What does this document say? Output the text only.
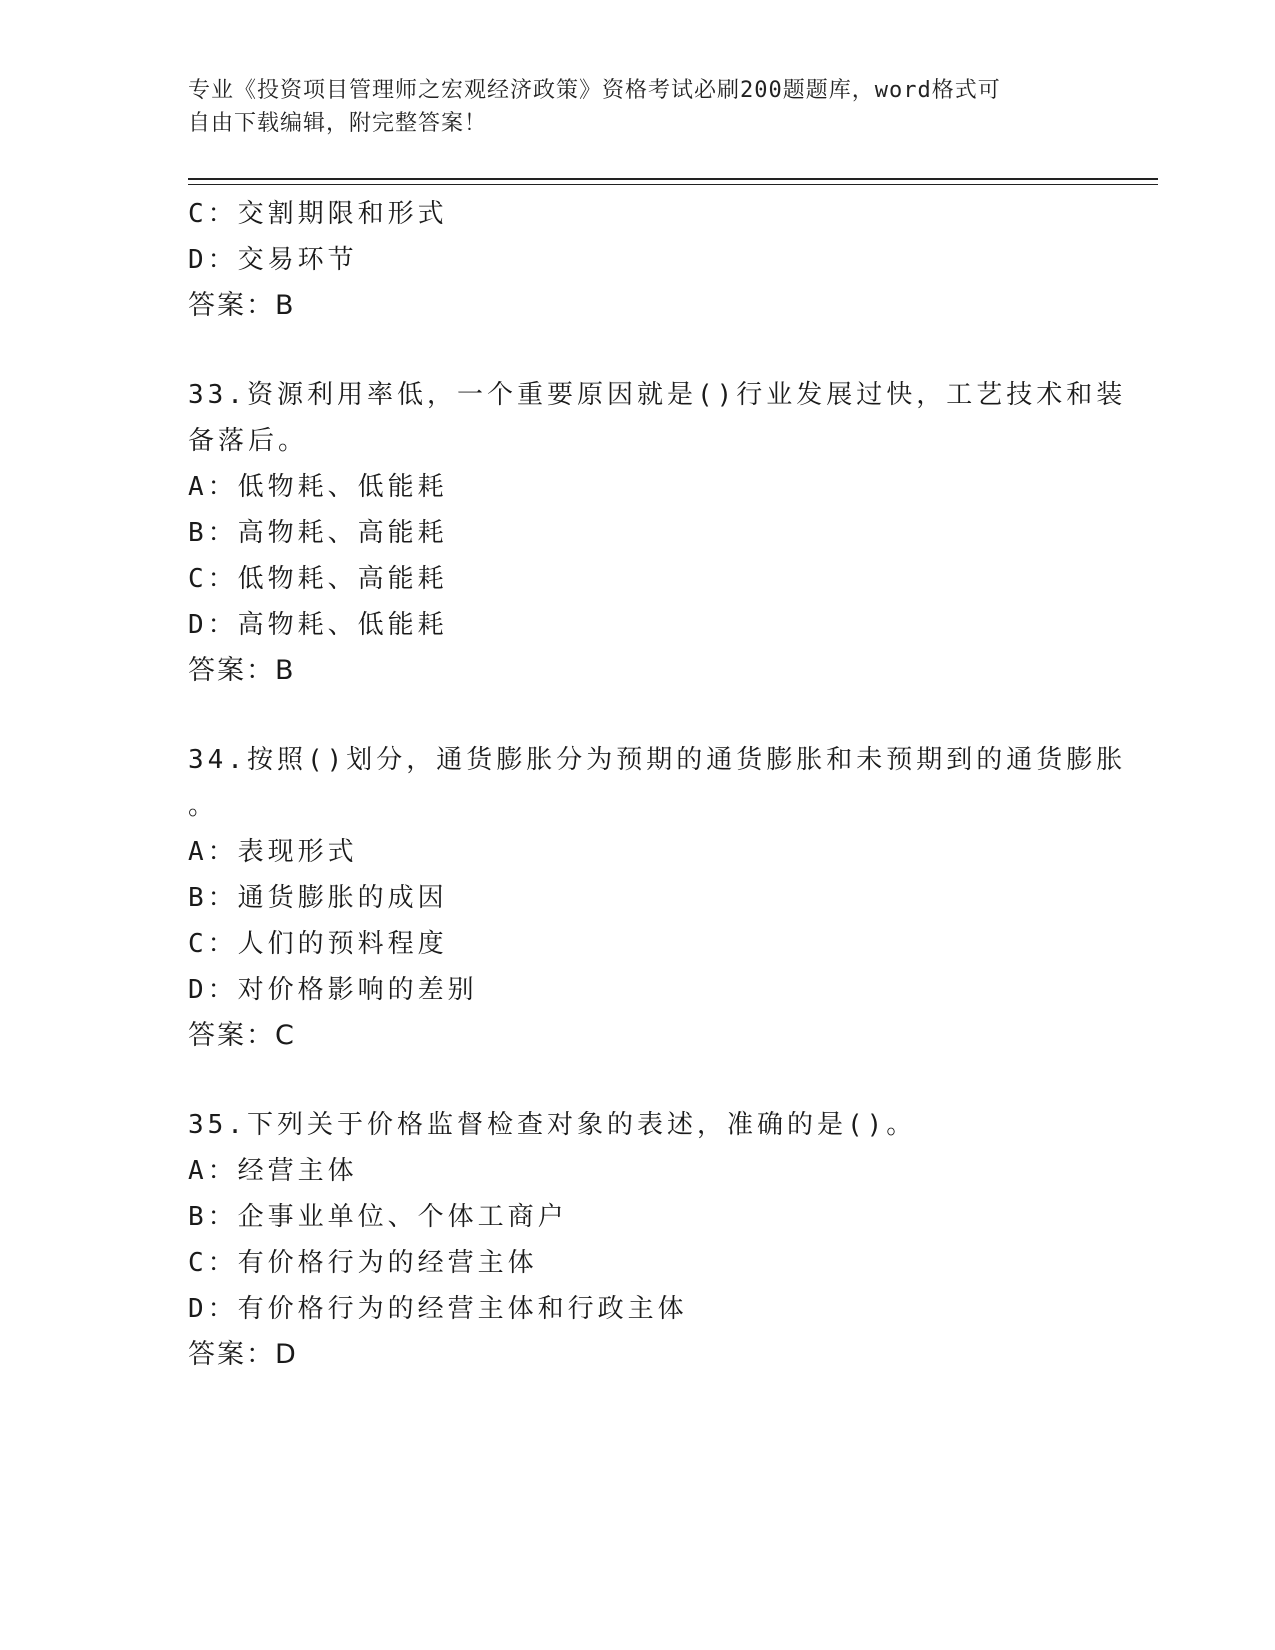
专业《投资项目管理师之宏观经济政策》资格考试必刷200题题库，word格式可
自由下载编辑，附完整答案！
C：交割期限和形式
D：交易环节
答案：B
33.资源利用率低，一个重要原因就是()行业发展过快，工艺技术和装
备落后。
A：低物耗、低能耗
B：高物耗、高能耗
C：低物耗、高能耗
D：高物耗、低能耗
答案：B
34.按照()划分，通货膨胀分为预期的通货膨胀和未预期到的通货膨胀
。
A：表现形式
B：通货膨胀的成因
C：人们的预料程度
D：对价格影响的差别
答案：C
35.下列关于价格监督检查对象的表述，准确的是()。
A：经营主体
B：企事业单位、个体工商户
C：有价格行为的经营主体
D：有价格行为的经营主体和行政主体
答案：D
